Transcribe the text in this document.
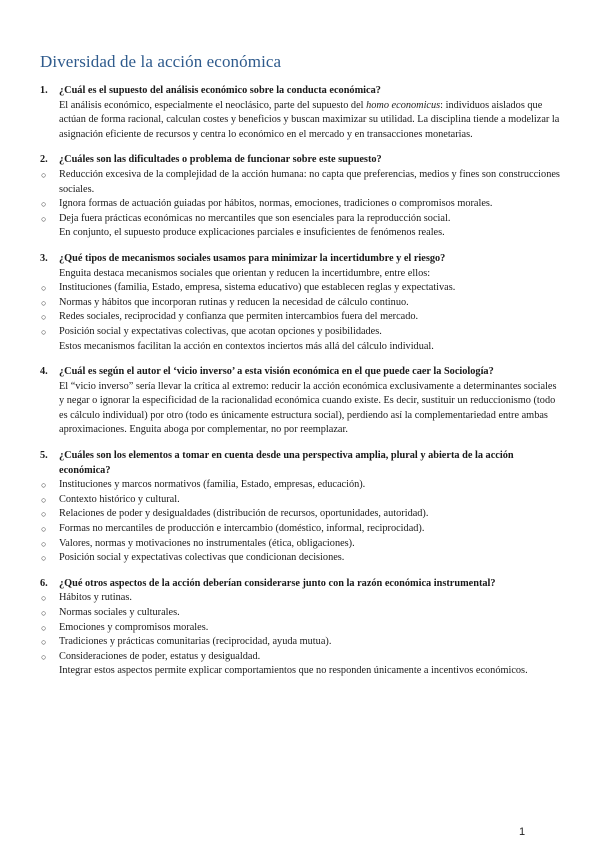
Diversidad de la acción económica
1.	¿Cuál es el supuesto del análisis económico sobre la conducta económica?
El análisis económico, especialmente el neoclásico, parte del supuesto del homo economicus: individuos aislados que actúan de forma racional, calculan costes y beneficios y buscan maximizar su utilidad. La disciplina tiende a modelizar la asignación eficiente de recursos y centra lo económico en el mercado y en transacciones monetarias.
2.	¿Cuáles son las dificultades o problema de funcionar sobre este supuesto?
○	Reducción excesiva de la complejidad de la acción humana: no capta que preferencias, medios y fines son construcciones sociales.
○	Ignora formas de actuación guiadas por hábitos, normas, emociones, tradiciones o compromisos morales.
○	Deja fuera prácticas económicas no mercantiles que son esenciales para la reproducción social.
En conjunto, el supuesto produce explicaciones parciales e insuficientes de fenómenos reales.
3.	¿Qué tipos de mecanismos sociales usamos para minimizar la incertidumbre y el riesgo?
Enguita destaca mecanismos sociales que orientan y reducen la incertidumbre, entre ellos:
○	Instituciones (familia, Estado, empresa, sistema educativo) que establecen reglas y expectativas.
○	Normas y hábitos que incorporan rutinas y reducen la necesidad de cálculo continuo.
○	Redes sociales, reciprocidad y confianza que permiten intercambios fuera del mercado.
○	Posición social y expectativas colectivas, que acotan opciones y posibilidades.
Estos mecanismos facilitan la acción en contextos inciertos más allá del cálculo individual.
4.	¿Cuál es según el autor el ‘vicio inverso’ a esta visión económica en el que puede caer la Sociología?
El “vicio inverso” sería llevar la crítica al extremo: reducir la acción económica exclusivamente a determinantes sociales y negar o ignorar la especificidad de la racionalidad económica cuando existe. Es decir, sustituir un reduccionismo (todo es cálculo individual) por otro (todo es únicamente estructura social), perdiendo así la complementariedad entre ambas aproximaciones. Enguita aboga por complementar, no por reemplazar.
5.	¿Cuáles son los elementos a tomar en cuenta desde una perspectiva amplia, plural y abierta de la acción económica?
○	Instituciones y marcos normativos (familia, Estado, empresas, educación).
○	Contexto histórico y cultural.
○	Relaciones de poder y desigualdades (distribución de recursos, oportunidades, autoridad).
○	Formas no mercantiles de producción e intercambio (doméstico, informal, reciprocidad).
○	Valores, normas y motivaciones no instrumentales (ética, obligaciones).
○	Posición social y expectativas colectivas que condicionan decisiones.
6.	¿Qué otros aspectos de la acción deberían considerarse junto con la razón económica instrumental?
○	Hábitos y rutinas.
○	Normas sociales y culturales.
○	Emociones y compromisos morales.
○	Tradiciones y prácticas comunitarias (reciprocidad, ayuda mutua).
○	Consideraciones de poder, estatus y desigualdad.
Integrar estos aspectos permite explicar comportamientos que no responden únicamente a incentivos económicos.
1
